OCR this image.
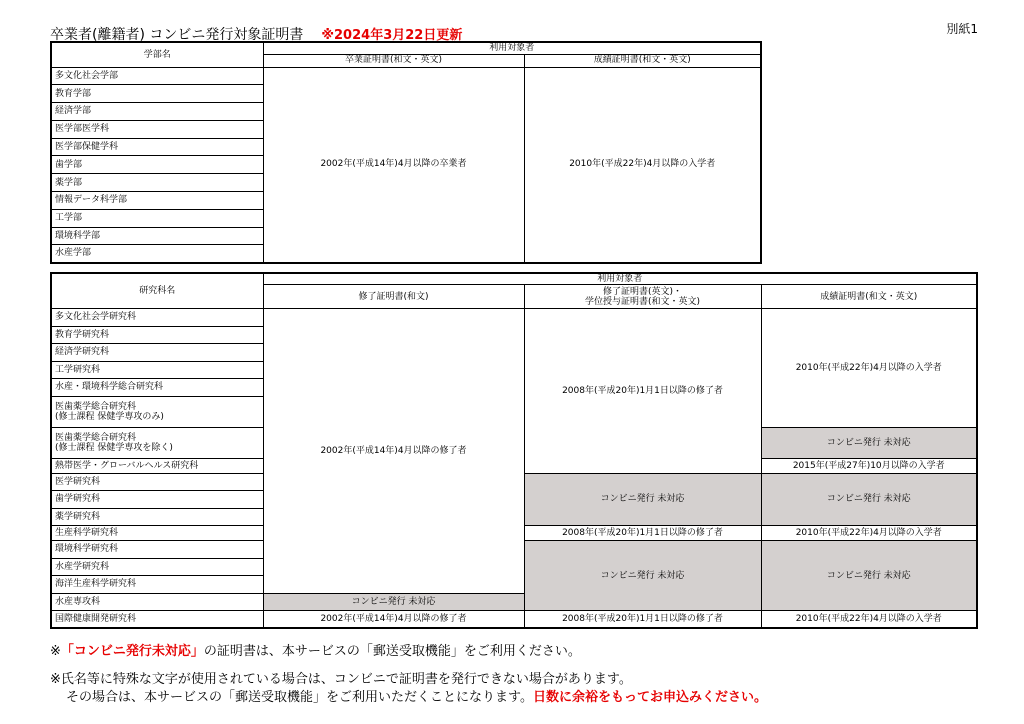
卒業者(離籍者) コンビニ発行対象証明書 ※2024年3月22日更新	別紙1
学部名	利用対象者	
	卒業証明書(和文・英文)	成績証明書(和文・英文)
多文化社会学部	2002年(平成14年)4月以降の卒業者	2010年(平成22年)4月以降の入学者
教育学部		
経済学部		
医学部医学科		
医学部保健学科		
歯学部		
薬学部		
情報データ科学部		
工学部		
環境科学部		
水産学部		
研究科名	利用対象者		
	修了証明書(和文)	修了証明書(英文)・
学位授与証明書(和文・英文)	成績証明書(和文・英文)
多文化社会学研究科	2002年(平成14年)4月以降の修了者	2008年(平成20年)1月1日以降の修了者	2010年(平成22年)4月以降の入学者
教育学研究科			
経済学研究科			
工学研究科			
水産・環境科学総合研究科			
医歯薬学総合研究科
(修士課程 保健学専攻のみ)			
医歯薬学総合研究科
(修士課程 保健学専攻を除く)			コンビニ発行 未対応
熱帯医学・グローバルヘルス研究科			2015年(平成27年)10月以降の入学者
医学研究科		コンビニ発行 未対応	コンビニ発行 未対応
歯学研究科			
薬学研究科			
生産科学研究科		2008年(平成20年)1月1日以降の修了者	2010年(平成22年)4月以降の入学者
環境科学研究科		コンビニ発行 未対応	コンビニ発行 未対応
水産学研究科			
海洋生産科学研究科			
水産専攻科	コンビニ発行 未対応		
国際健康開発研究科	2002年(平成14年)4月以降の修了者	2008年(平成20年)1月1日以降の修了者	2010年(平成22年)4月以降の入学者
※「コンビニ発行未対応」の証明書は、本サービスの「郵送受取機能」をご利用ください。
※氏名等に特殊な文字が使用されている場合は、コンビニで証明書を発行できない場合があります。
その場合は、本サービスの「郵送受取機能」をご利用いただくことになります。日数に余裕をもってお申込みください。
